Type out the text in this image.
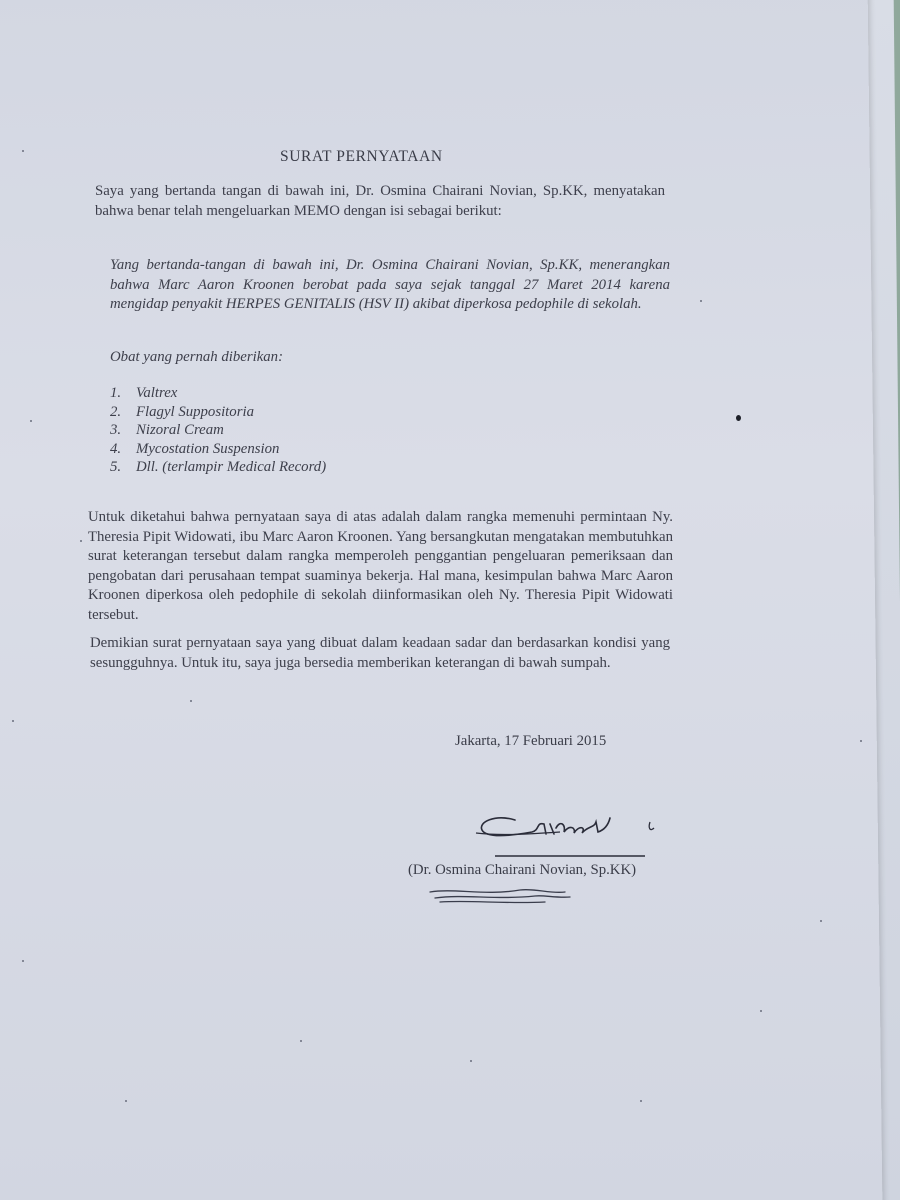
SURAT PERNYATAAN
Saya yang bertanda tangan di bawah ini, Dr. Osmina Chairani Novian, Sp.KK, menyatakan bahwa benar telah mengeluarkan MEMO dengan isi sebagai berikut:
Yang bertanda-tangan di bawah ini, Dr. Osmina Chairani Novian, Sp.KK, menerangkan bahwa Marc Aaron Kroonen berobat pada saya sejak tanggal 27 Maret 2014 karena mengidap penyakit HERPES GENITALIS (HSV II) akibat diperkosa pedophile di sekolah.
Obat yang pernah diberikan:
1. Valtrex
2. Flagyl Suppositoria
3. Nizoral Cream
4. Mycostation Suspension
5. Dll. (terlampir Medical Record)
Untuk diketahui bahwa pernyataan saya di atas adalah dalam rangka memenuhi permintaan Ny. Theresia Pipit Widowati, ibu Marc Aaron Kroonen. Yang bersangkutan mengatakan membutuhkan surat keterangan tersebut dalam rangka memperoleh penggantian pengeluaran pemeriksaan dan pengobatan dari perusahaan tempat suaminya bekerja. Hal mana, kesimpulan bahwa Marc Aaron Kroonen diperkosa oleh pedophile di sekolah diinformasikan oleh Ny. Theresia Pipit Widowati tersebut.
Demikian surat pernyataan saya yang dibuat dalam keadaan sadar dan berdasarkan kondisi yang sesungguhnya. Untuk itu, saya juga bersedia memberikan keterangan di bawah sumpah.
Jakarta, 17 Februari 2015
(Dr. Osmina Chairani Novian, Sp.KK)
